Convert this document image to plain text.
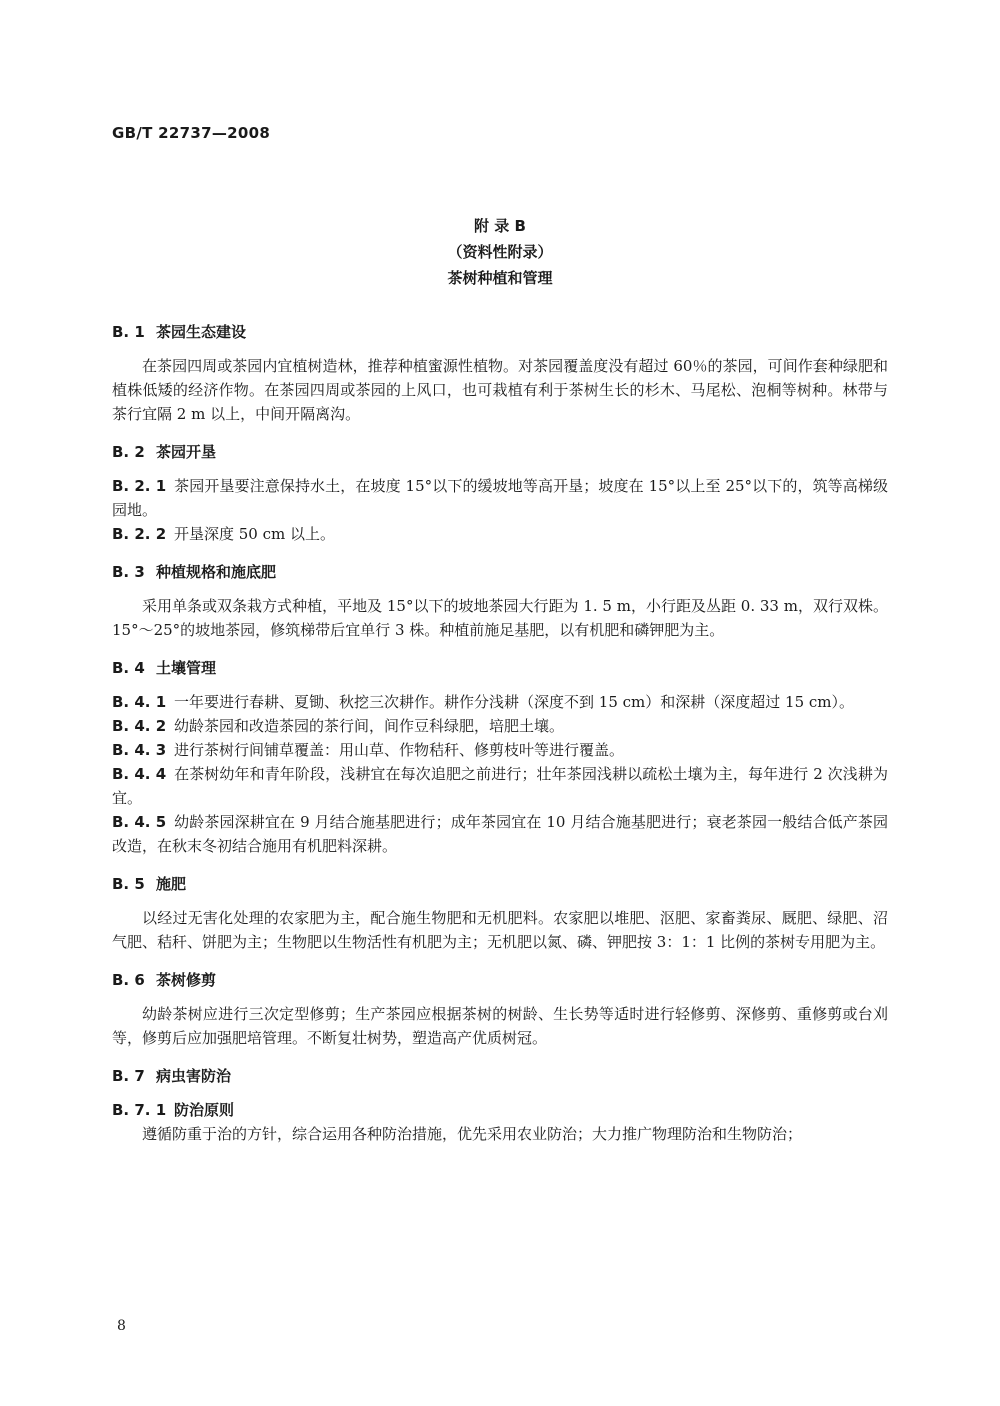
GB/T 22737—2008
附 录 B
（资料性附录）
茶树种植和管理

B. 1 茶园生态建设

在茶园四周或茶园内宜植树造林，推荐种植蜜源性植物。对茶园覆盖度没有超过 60％的茶园，可间作套种绿肥和植株低矮的经济作物。在茶园四周或茶园的上风口，也可栽植有利于茶树生长的杉木、马尾松、泡桐等树种。林带与茶行宜隔 2 m 以上，中间开隔离沟。

B. 2 茶园开垦

B. 2. 1 茶园开垦要注意保持水土，在坡度 15°以下的缓坡地等高开垦；坡度在 15°以上至 25°以下的，筑等高梯级园地。

B. 2. 2 开垦深度 50 cm 以上。

B. 3 种植规格和施底肥

采用单条或双条栽方式种植，平地及 15°以下的坡地茶园大行距为 1. 5 m，小行距及丛距 0. 33 m，双行双株。15°～25°的坡地茶园，修筑梯带后宜单行 3 株。种植前施足基肥，以有机肥和磷钾肥为主。

B. 4 土壤管理

B. 4. 1 一年要进行春耕、夏锄、秋挖三次耕作。耕作分浅耕（深度不到 15 cm）和深耕（深度超过 15 cm）。

B. 4. 2 幼龄茶园和改造茶园的茶行间，间作豆科绿肥，培肥土壤。

B. 4. 3 进行茶树行间铺草覆盖：用山草、作物秸秆、修剪枝叶等进行覆盖。

B. 4. 4 在茶树幼年和青年阶段，浅耕宜在每次追肥之前进行；壮年茶园浅耕以疏松土壤为主，每年进行 2 次浅耕为宜。

B. 4. 5 幼龄茶园深耕宜在 9 月结合施基肥进行；成年茶园宜在 10 月结合施基肥进行；衰老茶园一般结合低产茶园改造，在秋末冬初结合施用有机肥料深耕。

B. 5 施肥

以经过无害化处理的农家肥为主，配合施生物肥和无机肥料。农家肥以堆肥、沤肥、家畜粪尿、厩肥、绿肥、沼气肥、秸秆、饼肥为主；生物肥以生物活性有机肥为主；无机肥以氮、磷、钾肥按 3：1：1 比例的茶树专用肥为主。

B. 6 茶树修剪

幼龄茶树应进行三次定型修剪；生产茶园应根据茶树的树龄、生长势等适时进行轻修剪、深修剪、重修剪或台刈等，修剪后应加强肥培管理。不断复壮树势，塑造高产优质树冠。

B. 7 病虫害防治

B. 7. 1 防治原则

遵循防重于治的方针，综合运用各种防治措施，优先采用农业防治；大力推广物理防治和生物防治；

8
